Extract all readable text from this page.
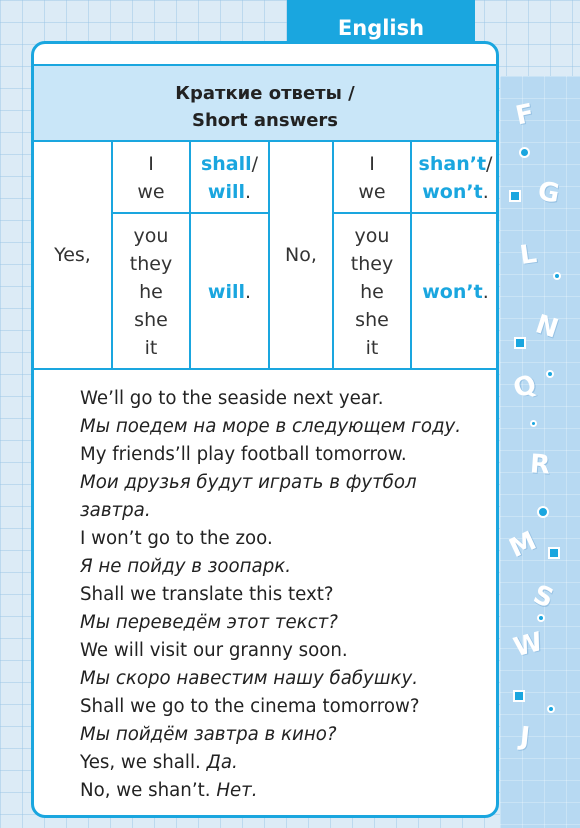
F
G
L
N
Q
R
M
S
W
J
English
Краткие ответы /
Short answers
Yes,	No,
I
we
you
they
he
she
it
shall/
will.
will.
I
we
you
they
he
she
it
shan’t/
won’t.
won’t.
We’ll go to the seaside next year.
Мы поедем на море в следующем году.
My friends’ll play football tomorrow.
Мои друзья будут играть в футбол
завтра.
I won’t go to the zoo.
Я не пойду в зоопарк.
Shall we translate this text?
Мы переведём этот текст?
We will visit our granny soon.
Мы скоро навестим нашу бабушку.
Shall we go to the cinema tomorrow?
Мы пойдём завтра в кино?
Yes, we shall. Да.
No, we shan’t. Нет.
